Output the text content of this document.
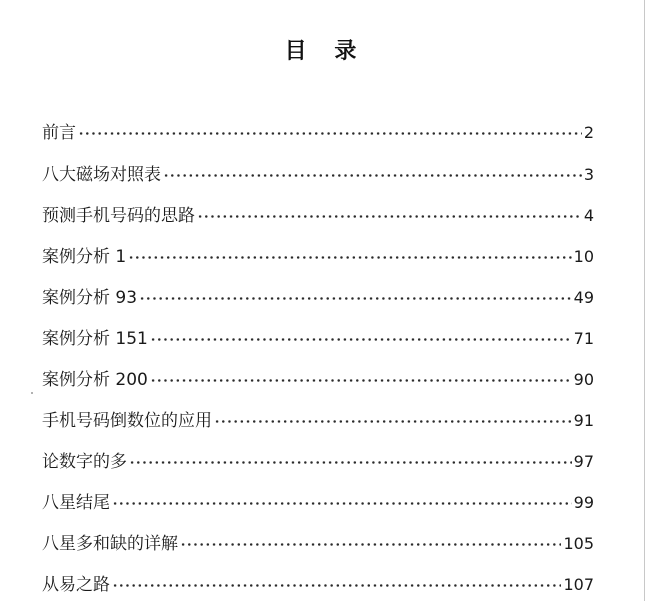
目 录
前言	2
八大磁场对照表	3
预测手机号码的思路	4
案例分析 1	10
案例分析 93	49
案例分析 151	71
案例分析 200	90
手机号码倒数位的应用	91
论数字的多	97
八星结尾	99
八星多和缺的详解	105
从易之路	107
